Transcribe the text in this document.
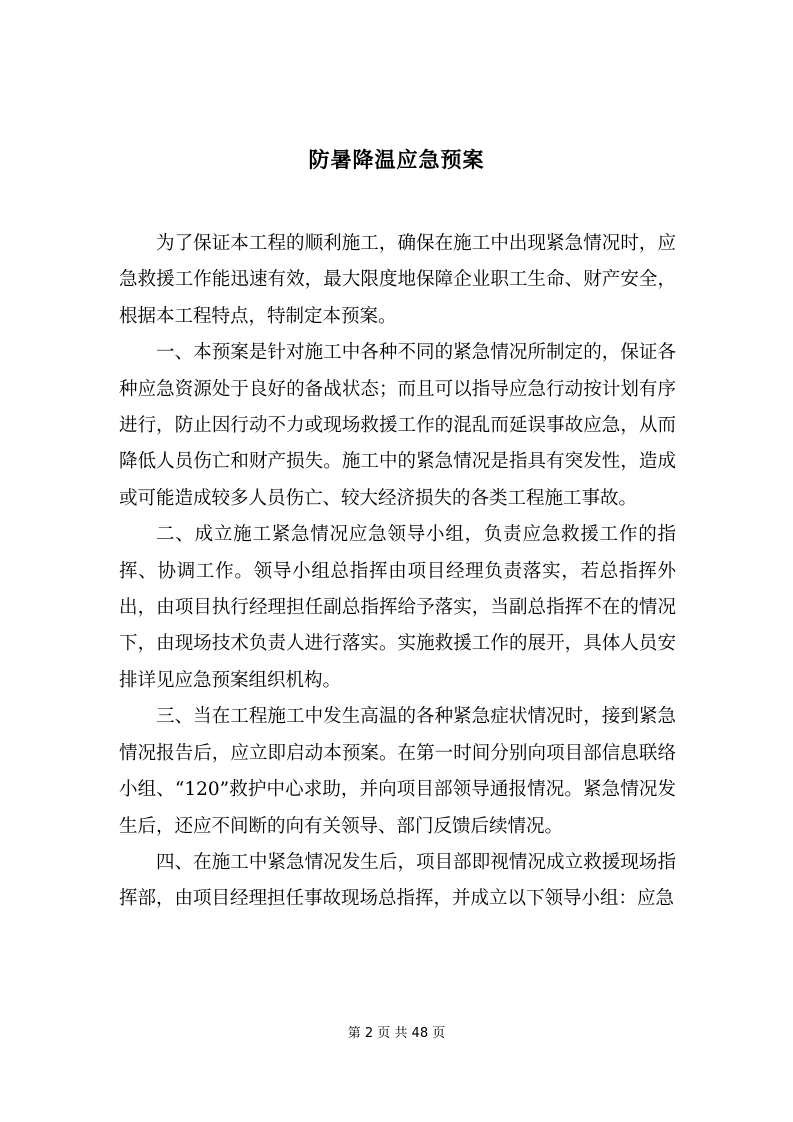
防暑降温应急预案

为了保证本工程的顺利施工，确保在施工中出现紧急情况时，应急救援工作能迅速有效，最大限度地保障企业职工生命、财产安全，根据本工程特点，特制定本预案。

一、本预案是针对施工中各种不同的紧急情况所制定的，保证各种应急资源处于良好的备战状态；而且可以指导应急行动按计划有序进行，防止因行动不力或现场救援工作的混乱而延误事故应急，从而降低人员伤亡和财产损失。施工中的紧急情况是指具有突发性，造成或可能造成较多人员伤亡、较大经济损失的各类工程施工事故。

二、成立施工紧急情况应急领导小组，负责应急救援工作的指挥、协调工作。领导小组总指挥由项目经理负责落实，若总指挥外出，由项目执行经理担任副总指挥给予落实，当副总指挥不在的情况下，由现场技术负责人进行落实。实施救援工作的展开，具体人员安排详见应急预案组织机构。

三、当在工程施工中发生高温的各种紧急症状情况时，接到紧急情况报告后，应立即启动本预案。在第一时间分别向项目部信息联络小组、“120”救护中心求助，并向项目部领导通报情况。紧急情况发生后，还应不间断的向有关领导、部门反馈后续情况。

四、在施工中紧急情况发生后，项目部即视情况成立救援现场指挥部，由项目经理担任事故现场总指挥，并成立以下领导小组：应急

第 2 页 共 48 页
